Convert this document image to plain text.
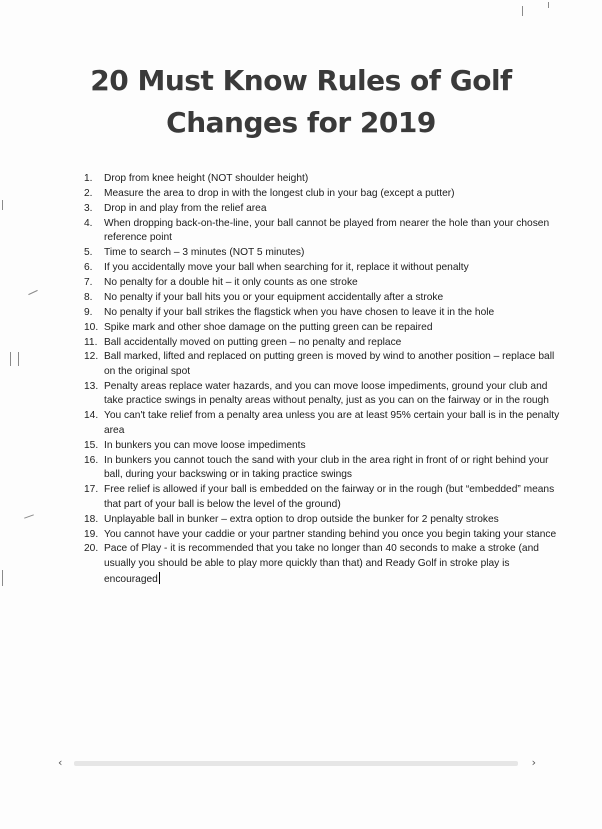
20 Must Know Rules of Golf
Changes for 2019
1.	Drop from knee height (NOT shoulder height)
2.	Measure the area to drop in with the longest club in your bag (except a putter)
3.	Drop in and play from the relief area
4.	When dropping back-on-the-line, your ball cannot be played from nearer the hole than your chosen reference point
5.	Time to search – 3 minutes (NOT 5 minutes)
6.	If you accidentally move your ball when searching for it, replace it without penalty
7.	No penalty for a double hit – it only counts as one stroke
8.	No penalty if your ball hits you or your equipment accidentally after a stroke
9.	No penalty if your ball strikes the flagstick when you have chosen to leave it in the hole
10. Spike mark and other shoe damage on the putting green can be repaired
11. Ball accidentally moved on putting green – no penalty and replace
12. Ball marked, lifted and replaced on putting green is moved by wind to another position – replace ball on the original spot
13. Penalty areas replace water hazards, and you can move loose impediments, ground your club and take practice swings in penalty areas without penalty, just as you can on the fairway or in the rough
14. You can't take relief from a penalty area unless you are at least 95% certain your ball is in the penalty area
15. In bunkers you can move loose impediments
16. In bunkers you cannot touch the sand with your club in the area right in front of or right behind your ball, during your backswing or in taking practice swings
17. Free relief is allowed if your ball is embedded on the fairway or in the rough (but “embedded” means that part of your ball is below the level of the ground)
18. Unplayable ball in bunker – extra option to drop outside the bunker for 2 penalty strokes
19. You cannot have your caddie or your partner standing behind you once you begin taking your stance
20. Pace of Play - it is recommended that you take no longer than 40 seconds to make a stroke (and usually you should be able to play more quickly than that) and Ready Golf in stroke play is encouraged
‹	›
